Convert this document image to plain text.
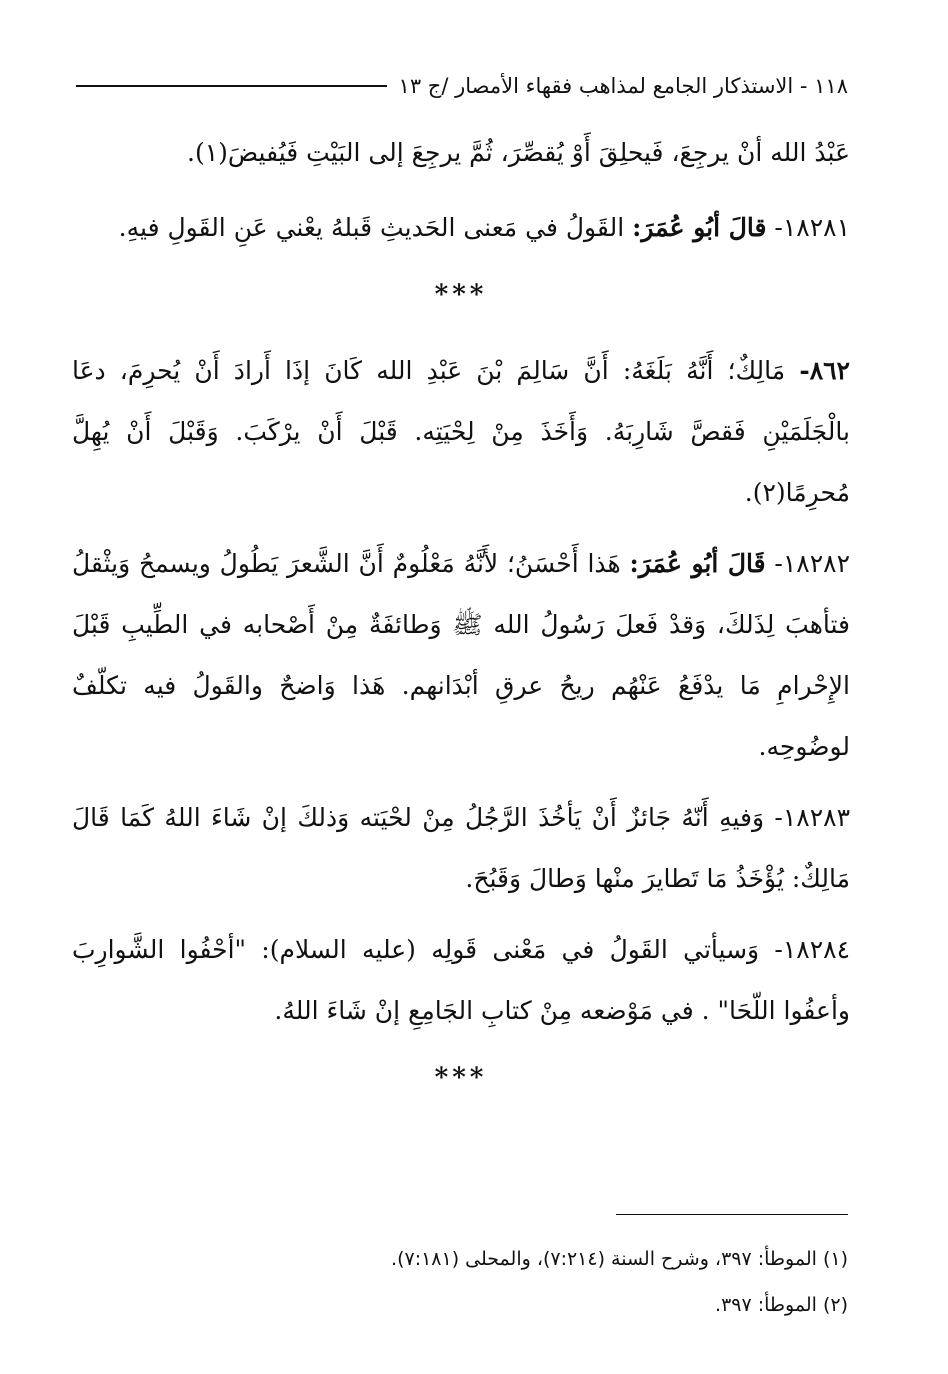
١١٨ - الاستذكار الجامع لمذاهب فقهاء الأمصار /ج ١٣

عَبْدُ الله أنْ يرجِعَ، فَيحلِقَ أَوْ يُقصِّرَ، ثُمَّ يرجِعَ إلى البَيْتِ فَيُفيضَ(١).

١٨٢٨١- قالَ أبُو عُمَرَ: القَولُ في مَعنى الحَديثِ قَبلهُ يعْني عَنِ القَولِ فيهِ.

***

٨٦٢- مَالِكٌ؛ أَنَّهُ بَلَغَهُ: أَنَّ سَالِمَ بْنَ عَبْدِ الله كَانَ إذَا أَرادَ أَنْ يُحرِمَ، دعَا بالْجَلَمَيْنِ فَقصَّ شَارِبَهُ. وَأَخَذَ مِنْ لِحْيَتِه. قَبْلَ أَنْ يرْكَبَ. وَقَبْلَ أَنْ يُهِلَّ مُحرِمًا(٢).

١٨٢٨٢- قَالَ أبُو عُمَرَ: هَذا أَحْسَنُ؛ لأَنَّهُ مَعْلُومٌ أَنَّ الشَّعرَ يَطُولُ ويسمحُ وَيثْقلُ فتأهبَ لِذَلكَ، وَقدْ فَعلَ رَسُولُ الله ﷺ وَطائفَةٌ مِنْ أَصْحابه في الطِّيبِ قَبْلَ الإِحْرامِ مَا يدْفَعُ عَنْهُم ريحُ عرقِ أبْدَانهم. هَذا وَاضحٌ والقَولُ فيه تكلّفٌ لوضُوحِه.

١٨٢٨٣- وَفيهِ أَنّهُ جَائزٌ أَنْ يَأخُذَ الرَّجُلُ مِنْ لحْيَته وَذلكَ إنْ شَاءَ اللهُ كَمَا قَالَ مَالِكٌ: يُؤْخَذُ مَا تَطايرَ منْها وَطالَ وَقَبُحَ.

١٨٢٨٤- وَسيأتي القَولُ في مَعْنى قَولِه (عليه السلام): "أحْفُوا الشَّوارِبَ وأعفُوا اللّحَا" . في مَوْضعه مِنْ كتابِ الجَامِعِ إنْ شَاءَ اللهُ.

***

(١) الموطأ: ٣٩٧، وشرح السنة (٧:٢١٤)، والمحلى (٧:١٨١).

(٢) الموطأ: ٣٩٧.
